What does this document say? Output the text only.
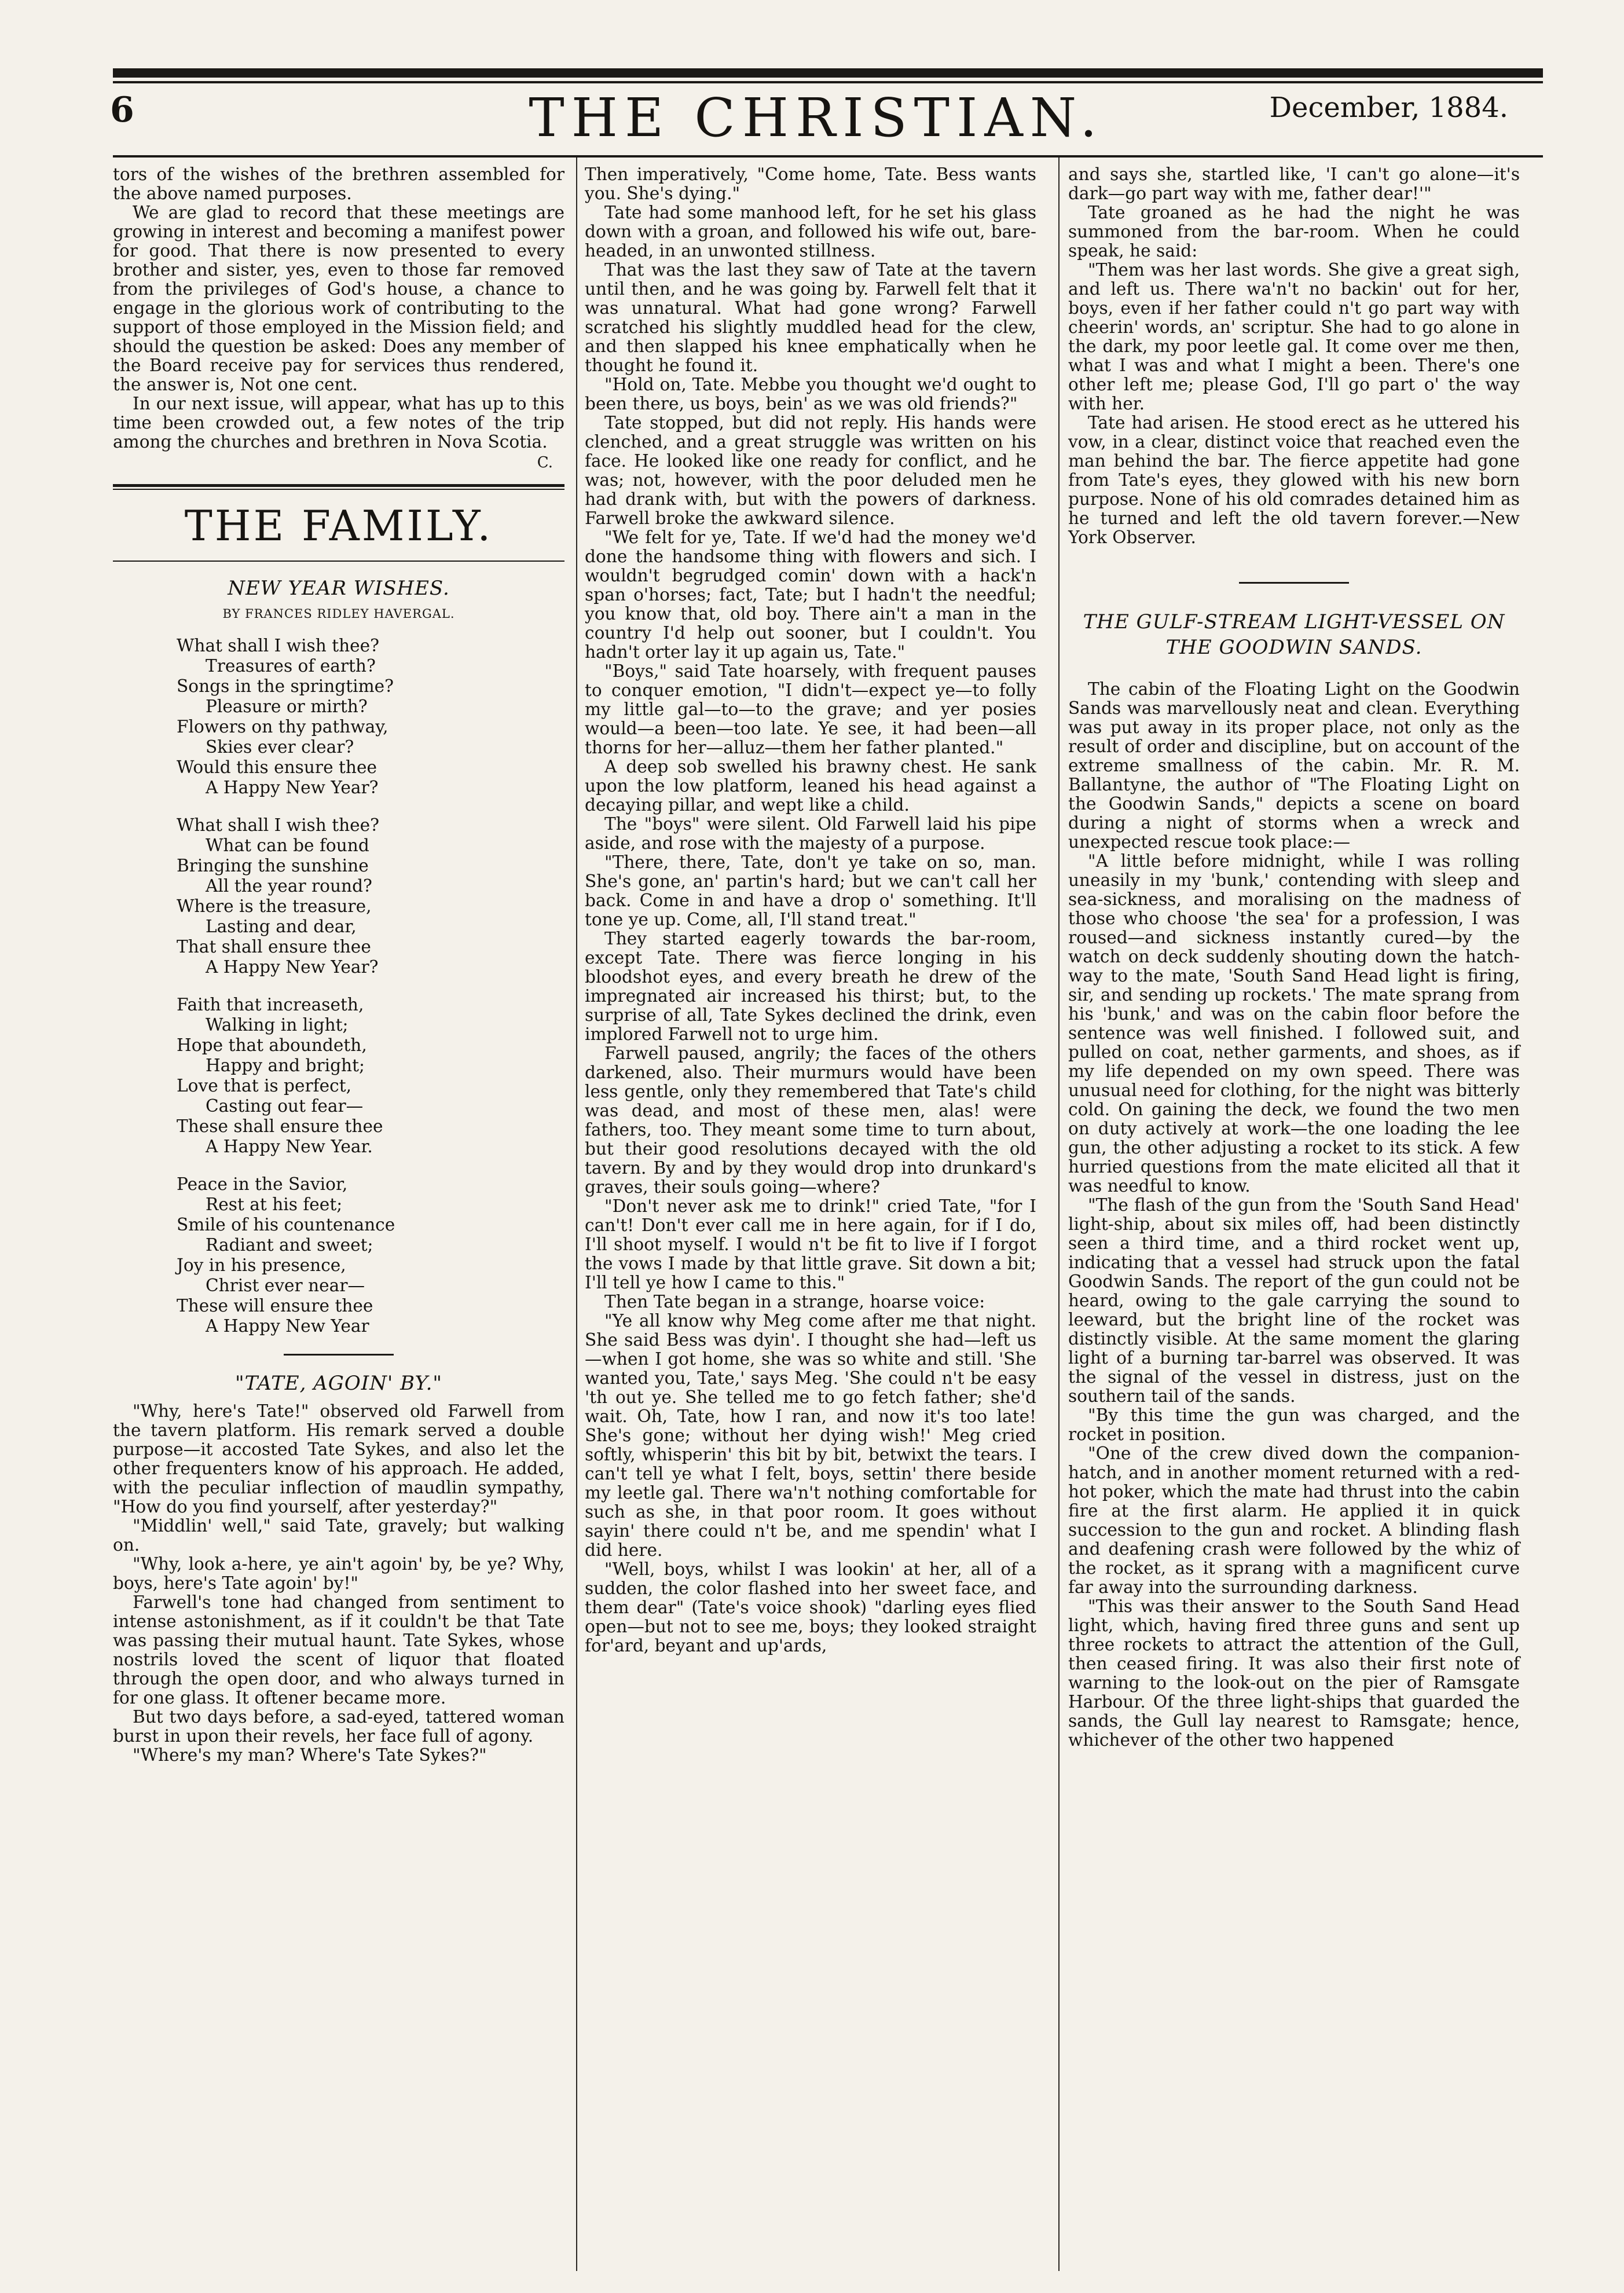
6	THE CHRISTIAN.	December, 1884.

tors of the wishes of the brethren assembled for the above named purposes.

We are glad to record that these meetings are growing in interest and becoming a manifest power for good. That there is now presented to every brother and sister, yes, even to those far removed from the privileges of God's house, a chance to engage in the glorious work of contributing to the support of those employed in the Mission field; and should the question be asked: Does any member of the Board receive pay for services thus rendered, the answer is, Not one cent.

In our next issue, will appear, what has up to this time been crowded out, a few notes of the trip among the churches and brethren in Nova Scotia.

C.
THE FAMILY.
NEW YEAR WISHES.
BY FRANCES RIDLEY HAVERGAL.
What shall I wish thee?
Treasures of earth?
Songs in the springtime?
Pleasure or mirth?
Flowers on thy pathway,
Skies ever clear?
Would this ensure thee
A Happy New Year?
What shall I wish thee?
What can be found
Bringing the sunshine
All the year round?
Where is the treasure,
Lasting and dear,
That shall ensure thee
A Happy New Year?
Faith that increaseth,
Walking in light;
Hope that aboundeth,
Happy and bright;
Love that is perfect,
Casting out fear—
These shall ensure thee
A Happy New Year.
Peace in the Savior,
Rest at his feet;
Smile of his countenance
Radiant and sweet;
Joy in his presence,
Christ ever near—
These will ensure thee
A Happy New Year
"TATE, AGOIN' BY."

"Why, here's Tate!" observed old Farwell from the tavern platform. His remark served a double purpose—it accosted Tate Sykes, and also let the other frequenters know of his approach. He added, with the peculiar inflection of maudlin sympathy, "How do you find yourself, after yesterday?"

"Middlin' well," said Tate, gravely; but walking on.

"Why, look a-here, ye ain't agoin' by, be ye? Why, boys, here's Tate agoin' by!"

Farwell's tone had changed from sentiment to intense astonishment, as if it couldn't be that Tate was passing their mutual haunt. Tate Sykes, whose nostrils loved the scent of liquor that floated through the open door, and who always turned in for one glass. It oftener became more.

But two days before, a sad-eyed, tattered woman burst in upon their revels, her face full of agony.

"Where's my man? Where's Tate Sykes?"

Then imperatively, "Come home, Tate. Bess wants you. She's dying."

Tate had some manhood left, for he set his glass down with a groan, and followed his wife out, bare-headed, in an unwonted stillness.

That was the last they saw of Tate at the tavern until then, and he was going by. Farwell felt that it was unnatural. What had gone wrong? Farwell scratched his slightly muddled head for the clew, and then slapped his knee emphatically when he thought he found it.

"Hold on, Tate. Mebbe you thought we'd ought to been there, us boys, bein' as we was old friends?"

Tate stopped, but did not reply. His hands were clenched, and a great struggle was written on his face. He looked like one ready for conflict, and he was; not, however, with the poor deluded men he had drank with, but with the powers of darkness. Farwell broke the awkward silence.

"We felt for ye, Tate. If we'd had the money we'd done the handsome thing with flowers and sich. I wouldn't begrudged comin' down with a hack'n span o'horses; fact, Tate; but I hadn't the needful; you know that, old boy. There ain't a man in the country I'd help out sooner, but I couldn't. You hadn't orter lay it up again us, Tate."

"Boys," said Tate hoarsely, with frequent pauses to conquer emotion, "I didn't—expect ye—to folly my little gal—to—to the grave; and yer posies would—a been—too late. Ye see, it had been—all thorns for her—alluz—them her father planted."

A deep sob swelled his brawny chest. He sank upon the low platform, leaned his head against a decaying pillar, and wept like a child.

The "boys" were silent. Old Farwell laid his pipe aside, and rose with the majesty of a purpose.

"There, there, Tate, don't ye take on so, man. She's gone, an' partin's hard; but we can't call her back. Come in and have a drop o' something. It'll tone ye up. Come, all, I'll stand treat."

They started eagerly towards the bar-room, except Tate. There was fierce longing in his bloodshot eyes, and every breath he drew of the impregnated air increased his thirst; but, to the surprise of all, Tate Sykes declined the drink, even implored Farwell not to urge him.

Farwell paused, angrily; the faces of the others darkened, also. Their murmurs would have been less gentle, only they remembered that Tate's child was dead, and most of these men, alas! were fathers, too. They meant some time to turn about, but their good resolutions decayed with the old tavern. By and by they would drop into drunkard's graves, their souls going—where?

"Don't never ask me to drink!" cried Tate, "for I can't! Don't ever call me in here again, for if I do, I'll shoot myself. I would n't be fit to live if I forgot the vows I made by that little grave. Sit down a bit; I'll tell ye how I came to this."

Then Tate began in a strange, hoarse voice:

"Ye all know why Meg come after me that night. She said Bess was dyin'. I thought she had—left us—when I got home, she was so white and still. 'She wanted you, Tate,' says Meg. 'She could n't be easy 'th out ye. She telled me to go fetch father; she'd wait. Oh, Tate, how I ran, and now it's too late! She's gone; without her dying wish!' Meg cried softly, whisperin' this bit by bit, betwixt the tears. I can't tell ye what I felt, boys, settin' there beside my leetle gal. There wa'n't nothing comfortable for such as she, in that poor room. It goes without sayin' there could n't be, and me spendin' what I did here.

"Well, boys, whilst I was lookin' at her, all of a sudden, the color flashed into her sweet face, and them dear" (Tate's voice shook) "darling eyes flied open—but not to see me, boys; they looked straight for'ard, beyant and up'ards,

and says she, startled like, 'I can't go alone—it's dark—go part way with me, father dear!'"

Tate groaned as he had the night he was summoned from the bar-room. When he could speak, he said:

"Them was her last words. She give a great sigh, and left us. There wa'n't no backin' out for her, boys, even if her father could n't go part way with cheerin' words, an' scriptur. She had to go alone in the dark, my poor leetle gal. It come over me then, what I was and what I might a been. There's one other left me; please God, I'll go part o' the way with her.

Tate had arisen. He stood erect as he uttered his vow, in a clear, distinct voice that reached even the man behind the bar. The fierce appetite had gone from Tate's eyes, they glowed with his new born purpose. None of his old comrades detained him as he turned and left the old tavern forever.—New York Observer.

THE GULF-STREAM LIGHT-VESSEL ON THE GOODWIN SANDS.

The cabin of the Floating Light on the Goodwin Sands was marvellously neat and clean. Everything was put away in its proper place, not only as the result of order and discipline, but on account of the extreme smallness of the cabin. Mr. R. M. Ballantyne, the author of "The Floating Light on the Goodwin Sands," depicts a scene on board during a night of storms when a wreck and unexpected rescue took place:—

"A little before midnight, while I was rolling uneasily in my 'bunk,' contending with sleep and sea-sickness, and moralising on the madness of those who choose 'the sea' for a profession, I was roused—and sickness instantly cured—by the watch on deck suddenly shouting down the hatch-way to the mate, 'South Sand Head light is firing, sir, and sending up rockets.' The mate sprang from his 'bunk,' and was on the cabin floor before the sentence was well finished. I followed suit, and pulled on coat, nether garments, and shoes, as if my life depended on my own speed. There was unusual need for clothing, for the night was bitterly cold. On gaining the deck, we found the two men on duty actively at work—the one loading the lee gun, the other adjusting a rocket to its stick. A few hurried questions from the mate elicited all that it was needful to know.

"The flash of the gun from the 'South Sand Head' light-ship, about six miles off, had been distinctly seen a third time, and a third rocket went up, indicating that a vessel had struck upon the fatal Goodwin Sands. The report of the gun could not be heard, owing to the gale carrying the sound to leeward, but the bright line of the rocket was distinctly visible. At the same moment the glaring light of a burning tar-barrel was observed. It was the signal of the vessel in distress, just on the southern tail of the sands.

"By this time the gun was charged, and the rocket in position.

"One of the crew dived down the companion-hatch, and in another moment returned with a red-hot poker, which the mate had thrust into the cabin fire at the first alarm. He applied it in quick succession to the gun and rocket. A blinding flash and deafening crash were followed by the whiz of the rocket, as it sprang with a magnificent curve far away into the surrounding darkness.

"This was their answer to the South Sand Head light, which, having fired three guns and sent up three rockets to attract the attention of the Gull, then ceased firing. It was also their first note of warning to the look-out on the pier of Ramsgate Harbour. Of the three light-ships that guarded the sands, the Gull lay nearest to Ramsgate; hence, whichever of the other two happened
